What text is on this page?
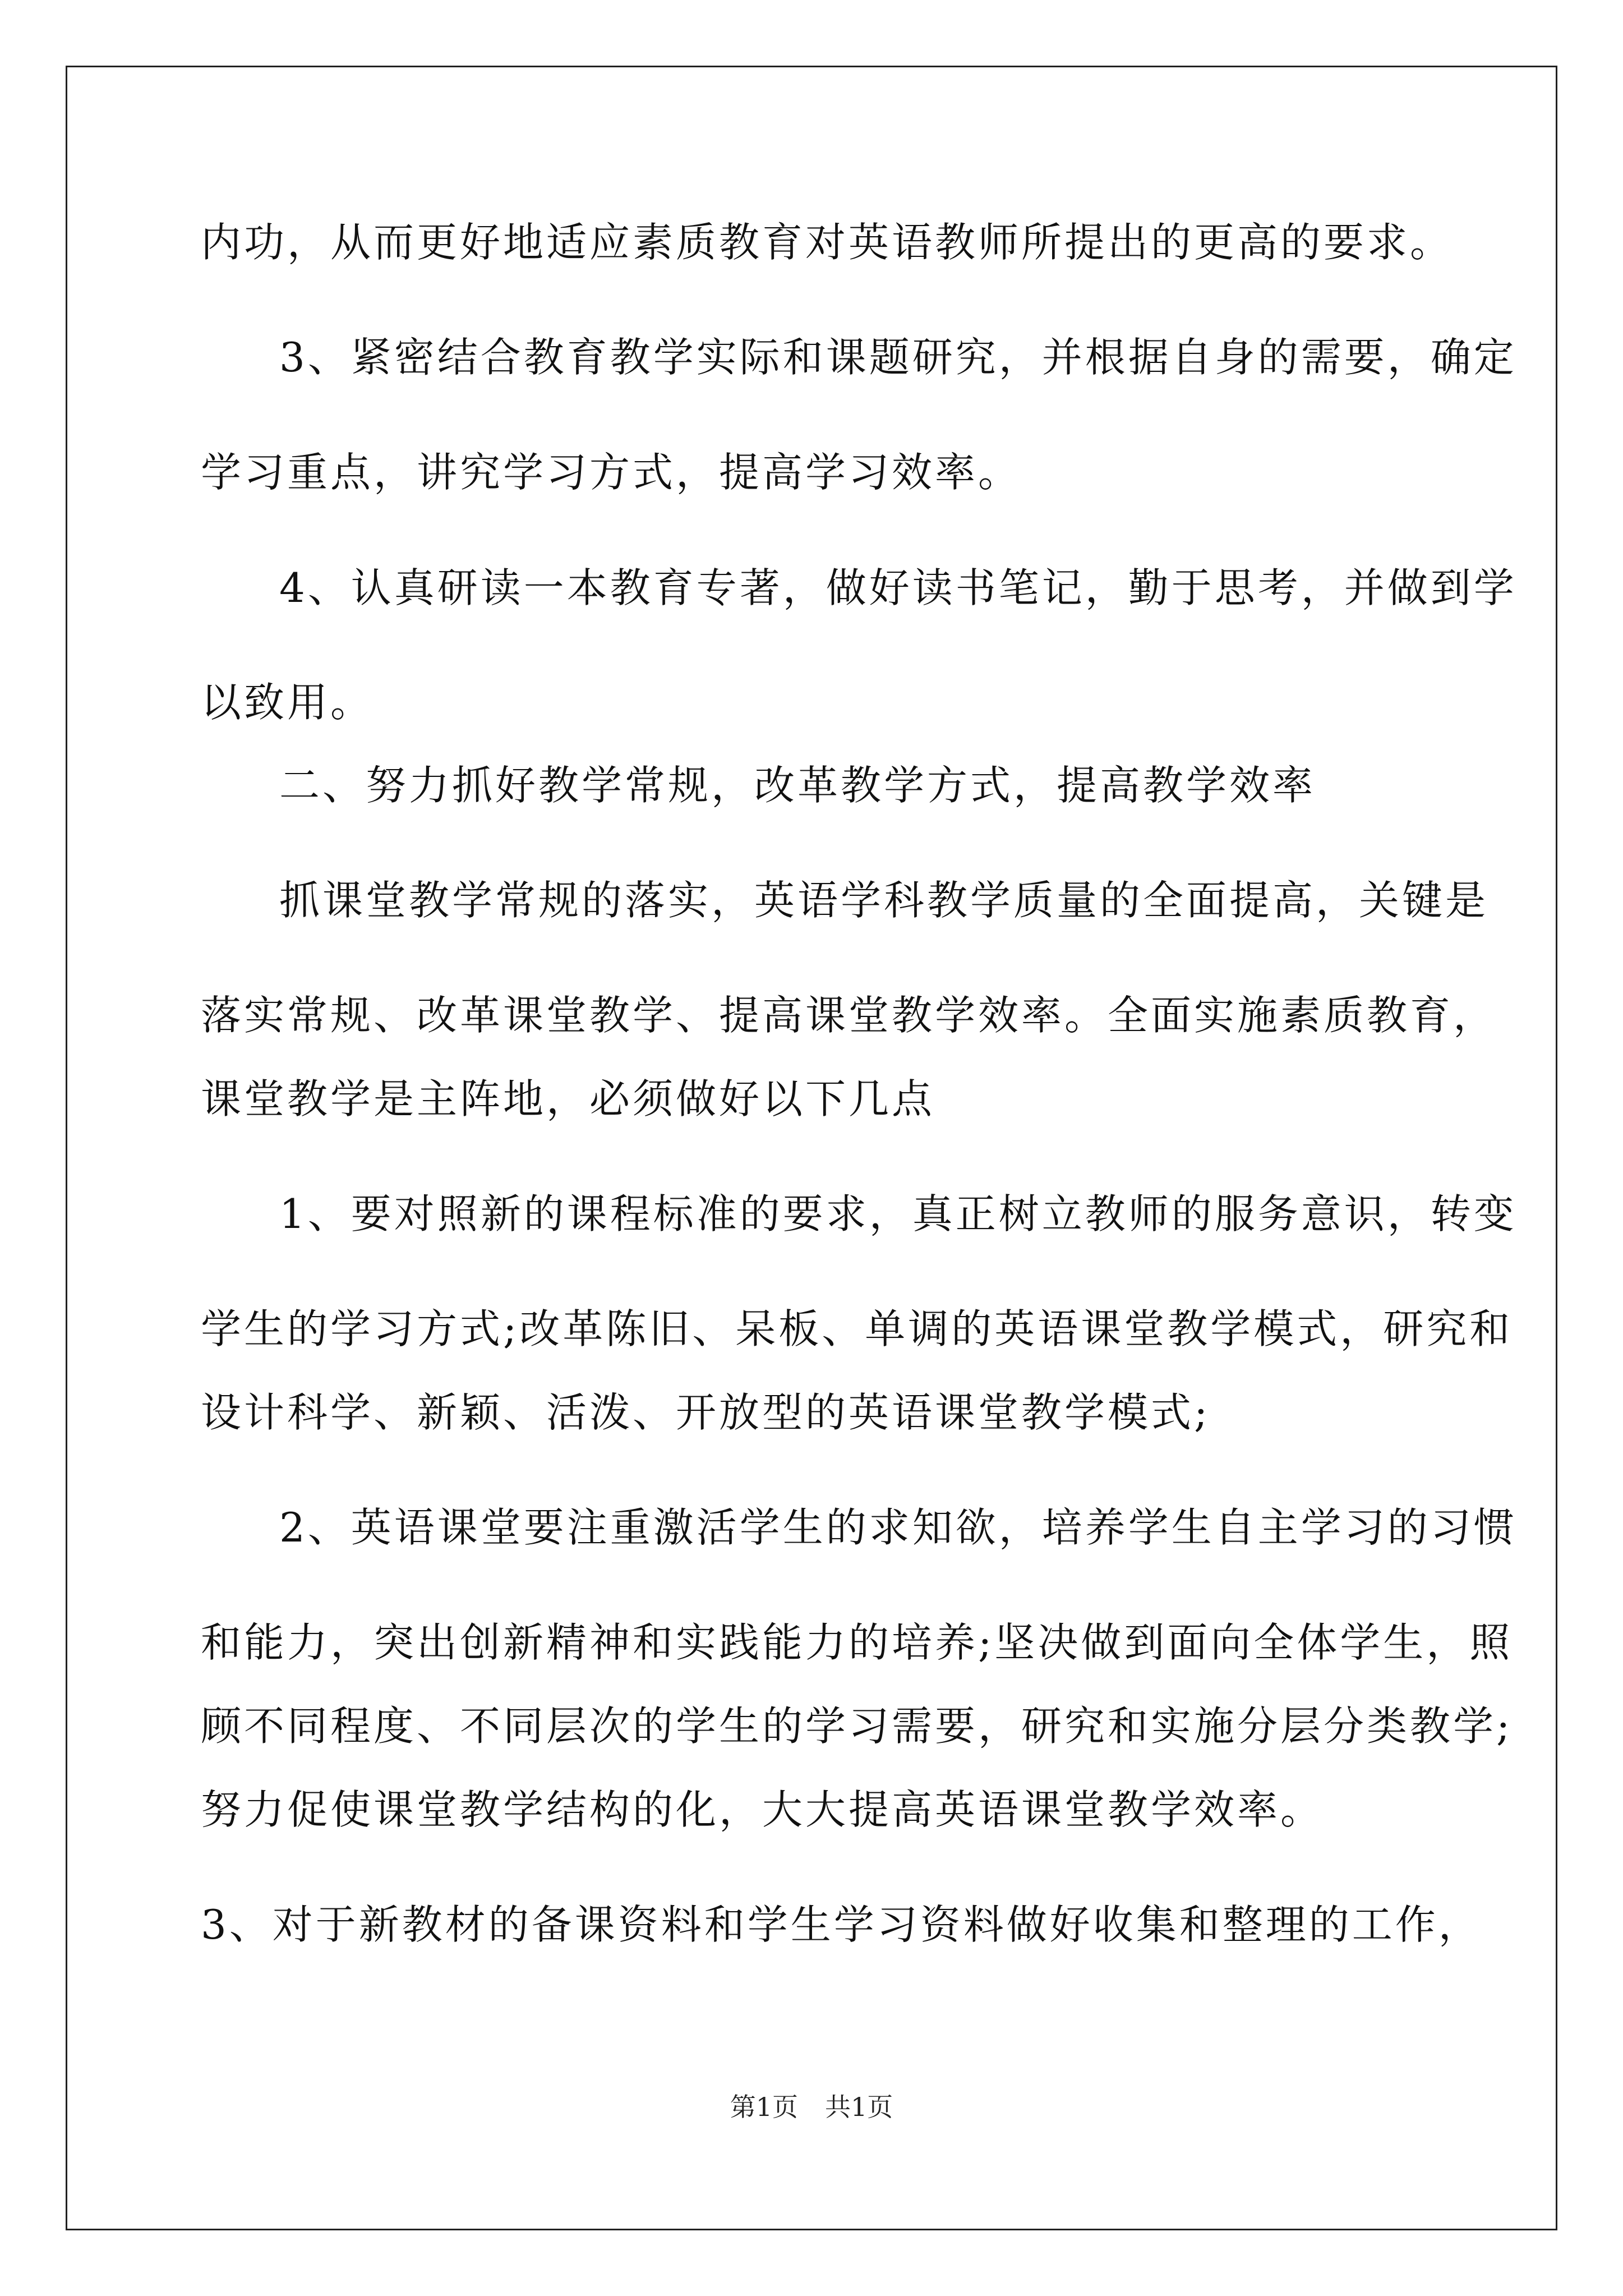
内功，从而更好地适应素质教育对英语教师所提出的更高的要求。

3、紧密结合教育教学实际和课题研究，并根据自身的需要，确定

学习重点，讲究学习方式，提高学习效率。

4、认真研读一本教育专著，做好读书笔记，勤于思考，并做到学

以致用。

二、努力抓好教学常规，改革教学方式，提高教学效率

抓课堂教学常规的落实，英语学科教学质量的全面提高，关键是

落实常规、改革课堂教学、提高课堂教学效率。全面实施素质教育，

课堂教学是主阵地，必须做好以下几点

1、要对照新的课程标准的要求，真正树立教师的服务意识，转变

学生的学习方式;改革陈旧、呆板、单调的英语课堂教学模式，研究和

设计科学、新颖、活泼、开放型的英语课堂教学模式;

2、英语课堂要注重激活学生的求知欲，培养学生自主学习的习惯

和能力，突出创新精神和实践能力的培养;坚决做到面向全体学生，照

顾不同程度、不同层次的学生的学习需要，研究和实施分层分类教学;

努力促使课堂教学结构的化，大大提高英语课堂教学效率。

3、对于新教材的备课资料和学生学习资料做好收集和整理的工作，

第1页 共1页
